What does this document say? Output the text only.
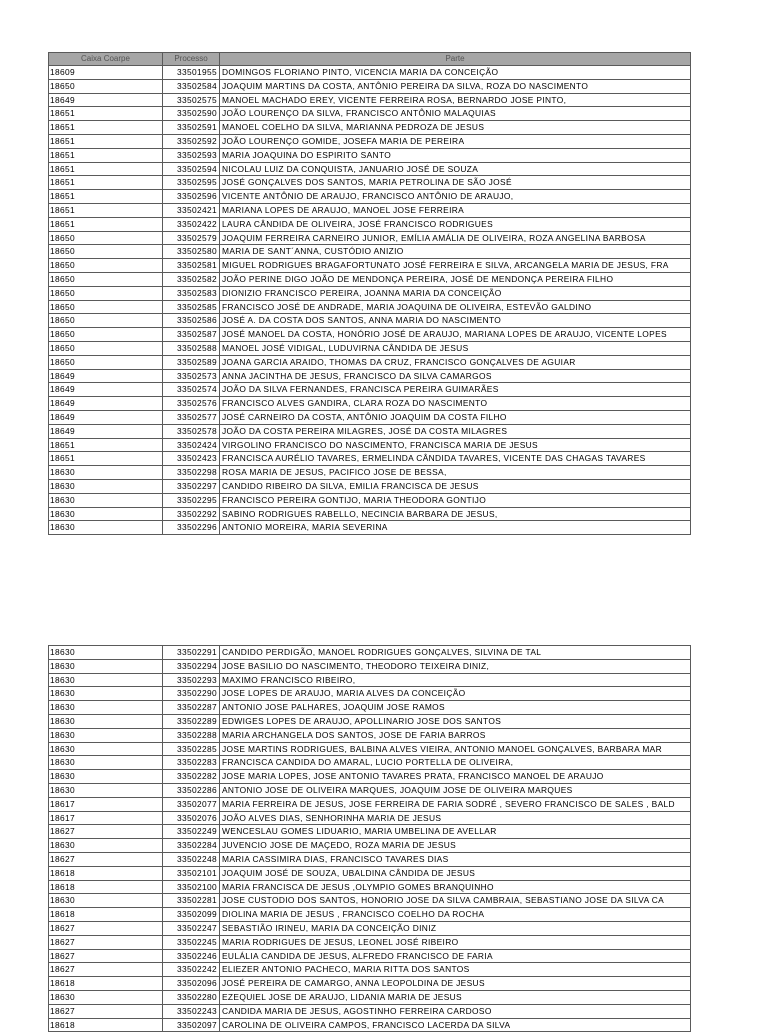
Caixa Coarpe	Processo	Parte
18609	33501955	DOMINGOS FLORIANO PINTO, VICENCIA MARIA DA CONCEIÇÃO
18650	33502584	JOAQUIM MARTINS DA COSTA, ANTÔNIO PEREIRA DA SILVA, ROZA DO NASCIMENTO
18649	33502575	MANOEL MACHADO EREY, VICENTE FERREIRA ROSA, BERNARDO JOSE PINTO,
18651	33502590	JOÃO LOURENÇO DA SILVA, FRANCISCO ANTÔNIO MALAQUIAS
18651	33502591	MANOEL COELHO DA SILVA, MARIANNA PEDROZA DE JESUS
18651	33502592	JOÃO LOURENÇO GOMIDE, JOSEFA MARIA DE PEREIRA
18651	33502593	MARIA JOAQUINA DO ESPIRITO SANTO
18651	33502594	NICOLAU LUIZ DA CONQUISTA, JANUARIO JOSÉ DE SOUZA
18651	33502595	JOSÉ GONÇALVES DOS SANTOS, MARIA PETROLINA DE SÃO JOSÉ
18651	33502596	VICENTE ANTÔNIO DE ARAUJO, FRANCISCO ANTÔNIO DE ARAUJO,
18651	33502421	MARIANA LOPES DE ARAUJO, MANOEL JOSE FERREIRA
18651	33502422	LAURA CÂNDIDA DE OLIVEIRA, JOSÉ FRANCISCO RODRIGUES
18650	33502579	JOAQUIM FERREIRA CARNEIRO JUNIOR, EMÍLIA AMÁLIA DE OLIVEIRA, ROZA ANGELINA BARBOSA
18650	33502580	MARIA DE SANT´ANNA, CUSTÓDIO ANIZIO
18650	33502581	MIGUEL RODRIGUES BRAGAFORTUNATO JOSÉ FERREIRA E SILVA, ARCANGELA MARIA DE JESUS, FRA
18650	33502582	JOÃO PERINE DIGO JOÃO DE MENDONÇA PEREIRA, JOSÉ DE MENDONÇA PEREIRA FILHO
18650	33502583	DIONIZIO FRANCISCO PEREIRA, JOANNA MARIA DA CONCEIÇÃO
18650	33502585	FRANCISCO JOSÉ DE ANDRADE, MARIA JOAQUINA DE OLIVEIRA, ESTEVÃO GALDINO
18650	33502586	JOSÉ A. DA COSTA DOS SANTOS, ANNA MARIA DO NASCIMENTO
18650	33502587	JOSÉ MANOEL DA COSTA, HONÓRIO JOSÉ DE ARAUJO, MARIANA LOPES DE ARAUJO, VICENTE LOPES
18650	33502588	MANOEL JOSÉ VIDIGAL, LUDUVIRNA CÂNDIDA DE JESUS
18650	33502589	JOANA GARCIA ARAIDO, THOMAS DA CRUZ, FRANCISCO GONÇALVES DE AGUIAR
18649	33502573	ANNA JACINTHA DE JESUS, FRANCISCO DA SILVA CAMARGOS
18649	33502574	JOÃO DA SILVA FERNANDES, FRANCISCA PEREIRA GUIMARÃES
18649	33502576	FRANCISCO ALVES GANDIRA, CLARA ROZA DO NASCIMENTO
18649	33502577	JOSÉ CARNEIRO DA COSTA, ANTÔNIO JOAQUIM DA COSTA FILHO
18649	33502578	JOÃO DA COSTA PEREIRA MILAGRES, JOSÉ DA COSTA MILAGRES
18651	33502424	VIRGOLINO FRANCISCO DO NASCIMENTO, FRANCISCA MARIA DE JESUS
18651	33502423	FRANCISCA AURÉLIO TAVARES, ERMELINDA CÂNDIDA TAVARES, VICENTE DAS CHAGAS TAVARES
18630	33502298	ROSA MARIA DE JESUS, PACIFICO JOSE DE BESSA,
18630	33502297	CANDIDO RIBEIRO DA SILVA, EMILIA FRANCISCA DE JESUS
18630	33502295	FRANCISCO PEREIRA GONTIJO, MARIA THEODORA GONTIJO
18630	33502292	SABINO RODRIGUES RABELLO, NECINCIA BARBARA DE JESUS,
18630	33502296	ANTONIO MOREIRA, MARIA SEVERINA
18630	33502291	CANDIDO PERDIGÃO, MANOEL RODRIGUES GONÇALVES, SILVINA DE TAL
18630	33502294	JOSE BASILIO DO NASCIMENTO, THEODORO TEIXEIRA DINIZ,
18630	33502293	MAXIMO FRANCISCO RIBEIRO,
18630	33502290	JOSE LOPES DE ARAUJO, MARIA ALVES DA CONCEIÇÃO
18630	33502287	ANTONIO JOSE PALHARES, JOAQUIM JOSE RAMOS
18630	33502289	EDWIGES LOPES DE ARAUJO, APOLLINARIO JOSE DOS SANTOS
18630	33502288	MARIA ARCHANGELA DOS SANTOS, JOSE DE FARIA BARROS
18630	33502285	JOSE MARTINS RODRIGUES, BALBINA ALVES VIEIRA, ANTONIO MANOEL GONÇALVES, BARBARA MAR
18630	33502283	FRANCISCA CANDIDA DO AMARAL, LUCIO PORTELLA DE OLIVEIRA,
18630	33502282	JOSE MARIA LOPES, JOSE ANTONIO TAVARES PRATA, FRANCISCO MANOEL DE ARAUJO
18630	33502286	ANTONIO JOSE DE OLIVEIRA MARQUES, JOAQUIM JOSE DE OLIVEIRA MARQUES
18617	33502077	MARIA FERREIRA DE JESUS, JOSE FERREIRA DE FARIA SODRÉ , SEVERO FRANCISCO DE SALES , BALD
18617	33502076	JOÃO ALVES DIAS, SENHORINHA MARIA DE JESUS
18627	33502249	WENCESLAU GOMES LIDUARIO, MARIA UMBELINA DE AVELLAR
18630	33502284	JUVENCIO JOSE DE MAÇEDO, ROZA MARIA DE JESUS
18627	33502248	MARIA CASSIMIRA DIAS, FRANCISCO TAVARES DIAS
18618	33502101	JOAQUIM JOSÉ DE SOUZA, UBALDINA CÂNDIDA DE JESUS
18618	33502100	MARIA FRANCISCA DE JESUS ,OLYMPIO GOMES BRANQUINHO
18630	33502281	JOSE CUSTODIO DOS SANTOS, HONORIO JOSE DA SILVA CAMBRAIA, SEBASTIANO JOSE DA SILVA CA
18618	33502099	DIOLINA MARIA DE JESUS , FRANCISCO COELHO DA ROCHA
18627	33502247	SEBASTIÃO IRINEU, MARIA DA CONCEIÇÃO DINIZ
18627	33502245	MARIA RODRIGUES DE JESUS, LEONEL JOSÉ RIBEIRO
18627	33502246	EULÁLIA CANDIDA DE JESUS, ALFREDO FRANCISCO DE FARIA
18627	33502242	ELIEZER ANTONIO PACHECO, MARIA RITTA DOS SANTOS
18618	33502096	JOSÉ PEREIRA DE CAMARGO, ANNA LEOPOLDINA DE JESUS
18630	33502280	EZEQUIEL JOSE DE ARAUJO, LIDANIA MARIA DE JESUS
18627	33502243	CANDIDA MARIA DE JESUS, AGOSTINHO FERREIRA CARDOSO
18618	33502097	CAROLINA DE OLIVEIRA CAMPOS, FRANCISCO LACERDA DA SILVA
